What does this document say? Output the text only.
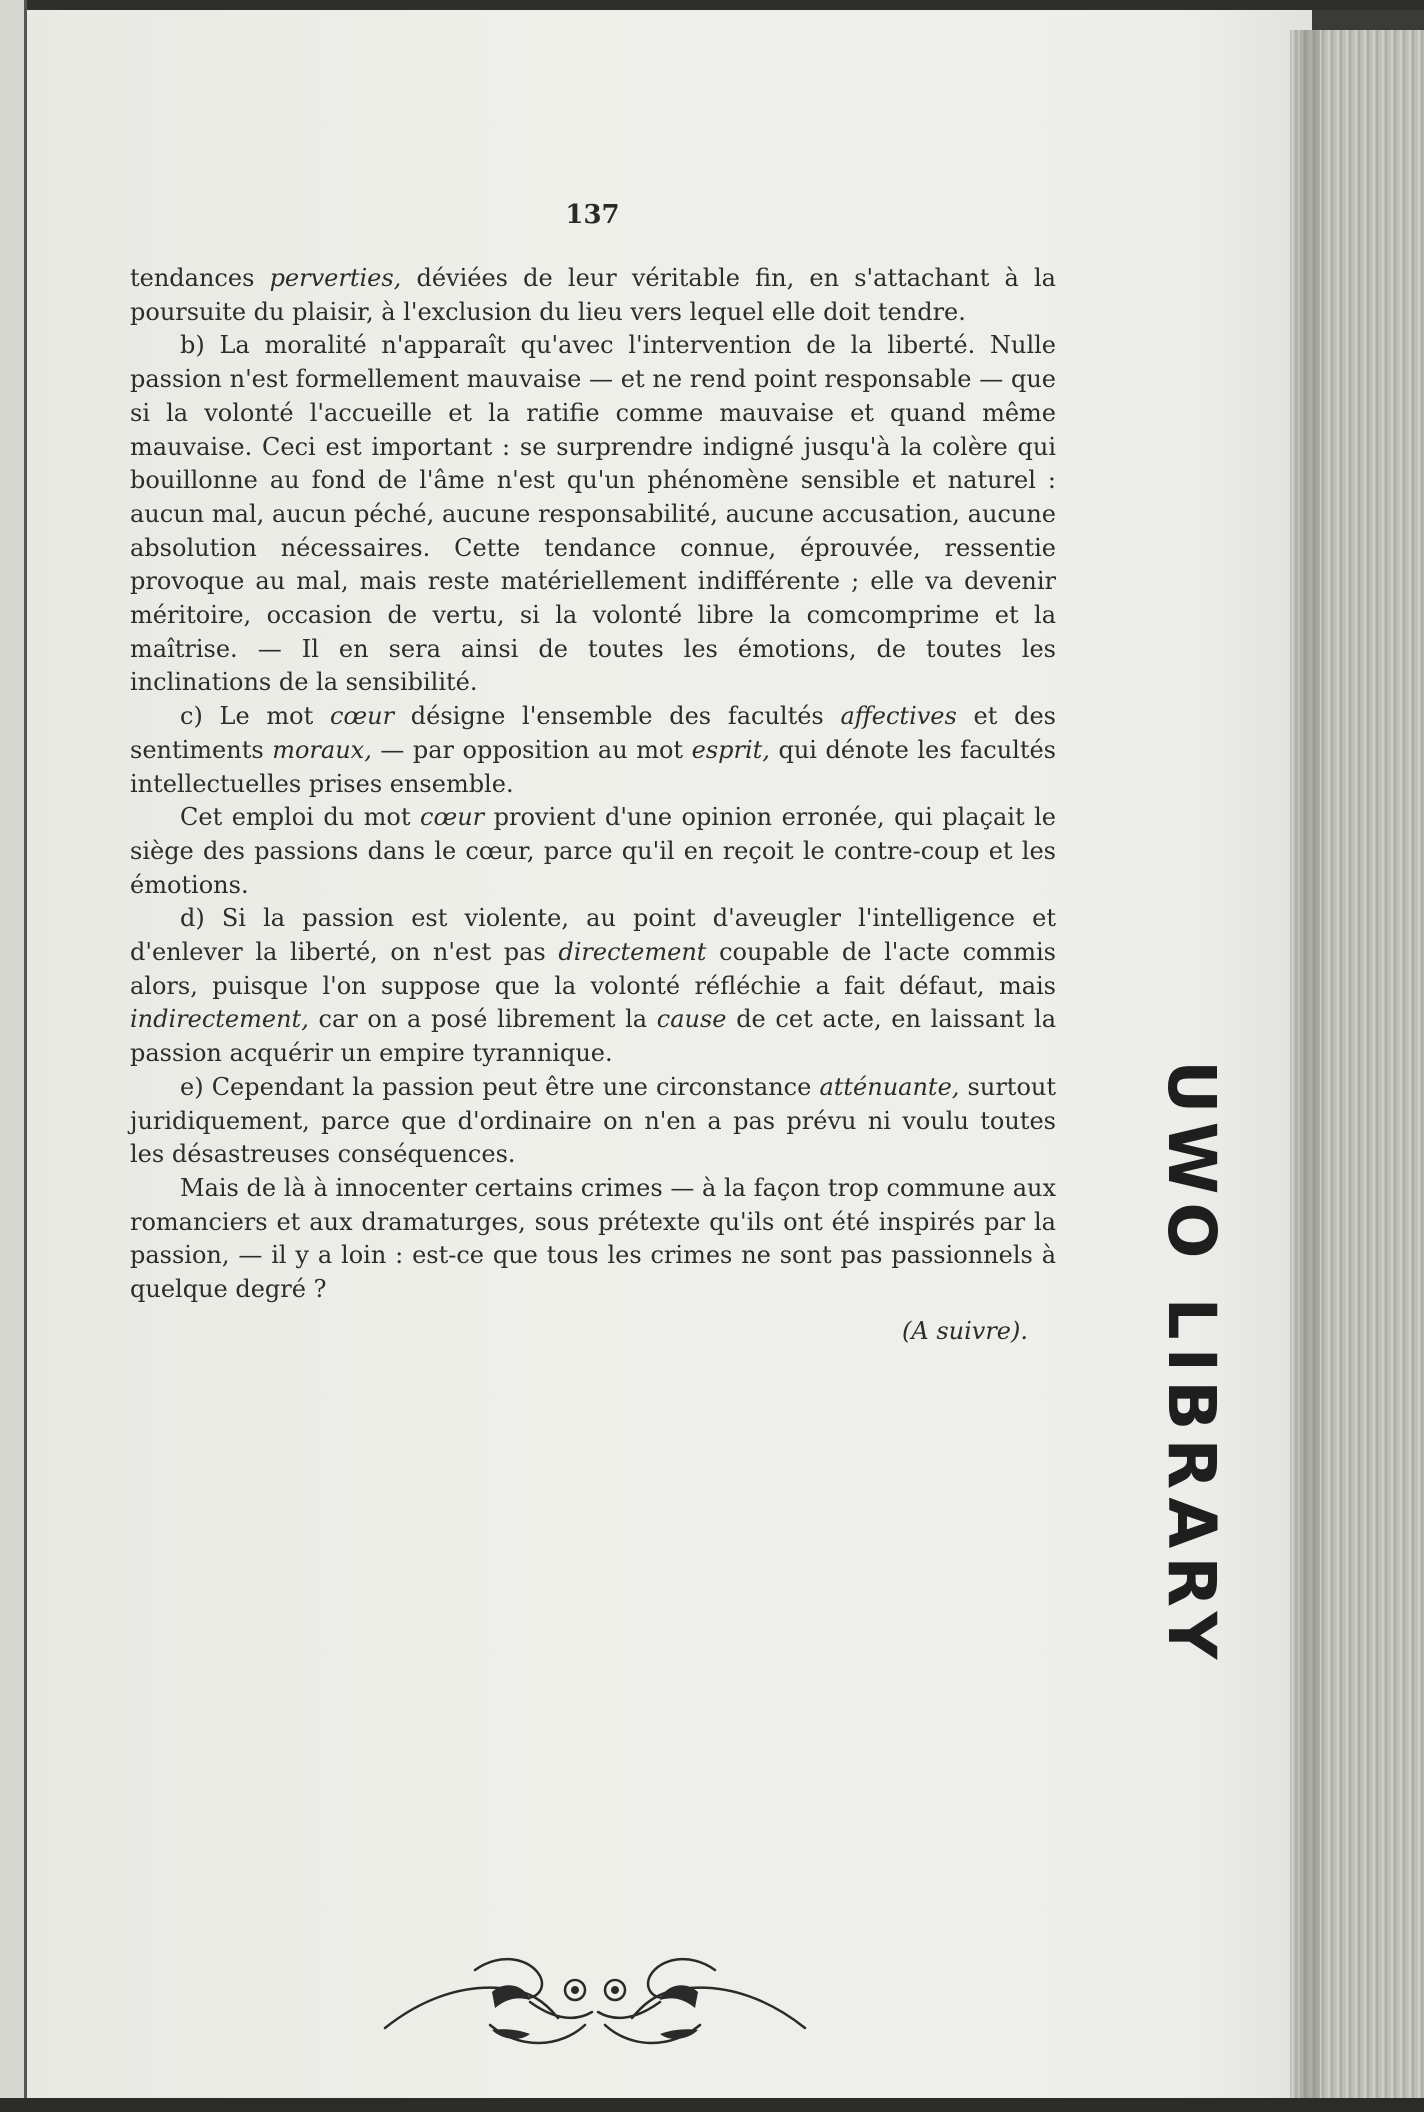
UWO LIBRARY
137

tendances perverties, déviées de leur véritable fin, en s'attachant à la poursuite du plaisir, à l'exclusion du lieu vers lequel elle doit tendre.

b) La moralité n'apparaît qu'avec l'intervention de la liberté. Nulle passion n'est formellement mauvaise — et ne rend point responsable — que si la volonté l'accueille et la ratifie comme mauvaise et quand même mauvaise. Ceci est important : se surprendre indigné jusqu'à la colère qui bouillonne au fond de l'âme n'est qu'un phénomène sensible et naturel : aucun mal, aucun péché, aucune responsabilité, aucune accusation, aucune absolution nécessaires. Cette tendance connue, éprouvée, ressentie provoque au mal, mais reste matériellement indifférente ; elle va devenir méritoire, occasion de vertu, si la volonté libre la comcomprime et la maîtrise. — Il en sera ainsi de toutes les émotions, de toutes les inclinations de la sensibilité.

c) Le mot cœur désigne l'ensemble des facultés affectives et des sentiments moraux, — par opposition au mot esprit, qui dénote les facultés intellectuelles prises ensemble.

Cet emploi du mot cœur provient d'une opinion erronée, qui plaçait le siège des passions dans le cœur, parce qu'il en reçoit le contre-coup et les émotions.

d) Si la passion est violente, au point d'aveugler l'intelligence et d'enlever la liberté, on n'est pas directement coupable de l'acte commis alors, puisque l'on suppose que la volonté réfléchie a fait défaut, mais indirectement, car on a posé librement la cause de cet acte, en laissant la passion acquérir un empire tyrannique.

e) Cependant la passion peut être une circonstance atténuante, surtout juridiquement, parce que d'ordinaire on n'en a pas prévu ni voulu toutes les désastreuses conséquences.

Mais de là à innocenter certains crimes — à la façon trop commune aux romanciers et aux dramaturges, sous prétexte qu'ils ont été inspirés par la passion, — il y a loin : est-ce que tous les crimes ne sont pas passionnels à quelque degré ?

(A suivre).
